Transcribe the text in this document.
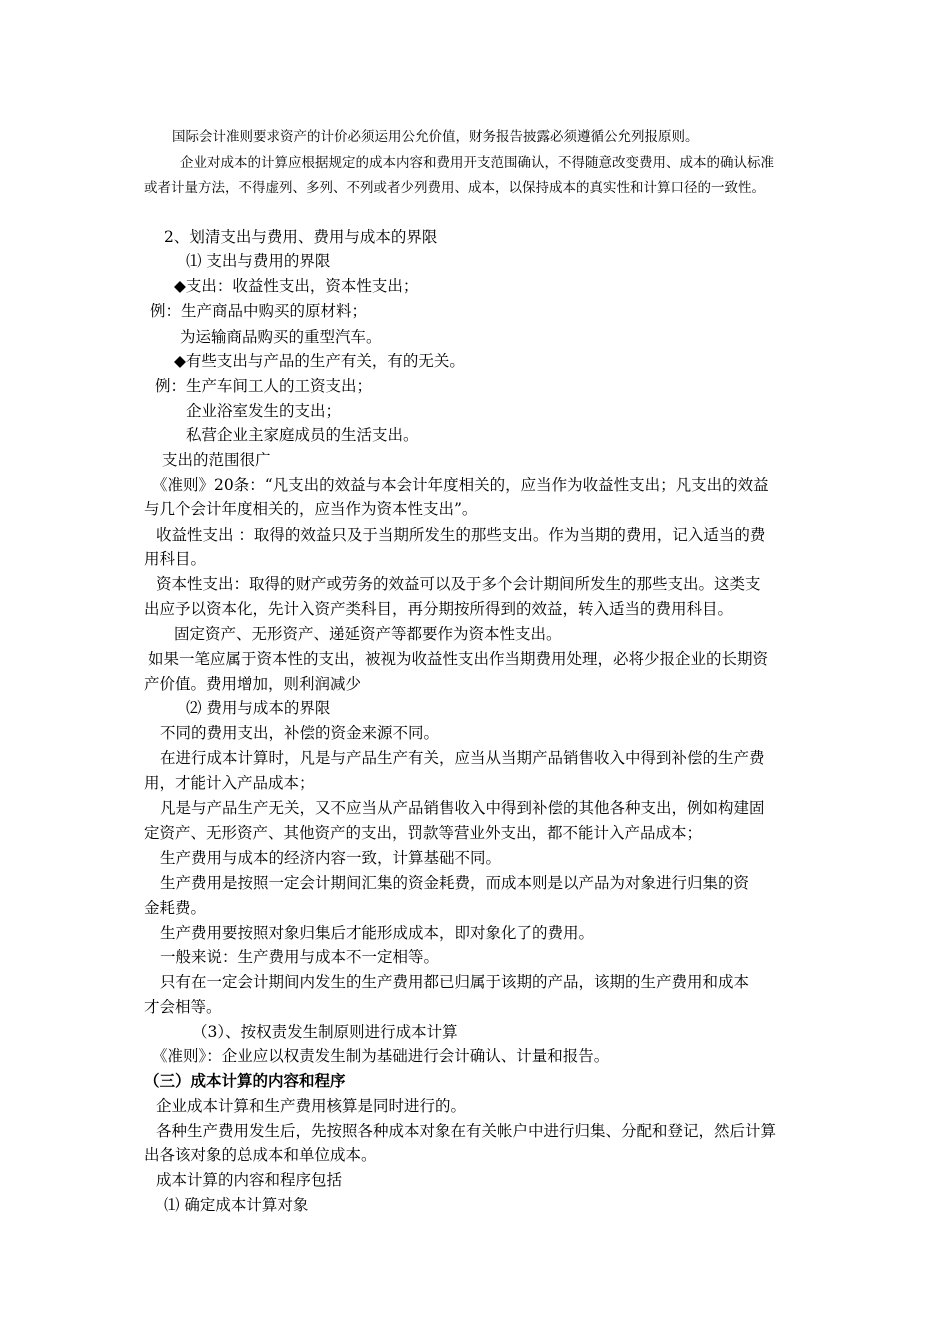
国际会计准则要求资产的计价必须运用公允价值，财务报告披露必须遵循公允列报原则。
企业对成本的计算应根据规定的成本内容和费用开支范围确认，不得随意改变费用、成本的确认标准
或者计量方法，不得虚列、多列、不列或者少列费用、成本，以保持成本的真实性和计算口径的一致性。
2、划清支出与费用、费用与成本的界限
⑴ 支出与费用的界限
◆支出：收益性支出，资本性支出；
例：生产商品中购买的原材料；
为运输商品购买的重型汽车。
◆有些支出与产品的生产有关，有的无关。
例：生产车间工人的工资支出；
企业浴室发生的支出；
私营企业主家庭成员的生活支出。
支出的范围很广
《准则》20条：“凡支出的效益与本会计年度相关的，应当作为收益性支出；凡支出的效益
与几个会计年度相关的，应当作为资本性支出”。
收益性支出 ：取得的效益只及于当期所发生的那些支出。作为当期的费用，记入适当的费
用科目。
资本性支出：取得的财产或劳务的效益可以及于多个会计期间所发生的那些支出。这类支
出应予以资本化，先计入资产类科目，再分期按所得到的效益，转入适当的费用科目。
固定资产、无形资产、递延资产等都要作为资本性支出。
如果一笔应属于资本性的支出，被视为收益性支出作当期费用处理，必将少报企业的长期资
产价值。费用增加，则利润减少
⑵ 费用与成本的界限
不同的费用支出，补偿的资金来源不同。
在进行成本计算时，凡是与产品生产有关，应当从当期产品销售收入中得到补偿的生产费
用，才能计入产品成本；
凡是与产品生产无关，又不应当从产品销售收入中得到补偿的其他各种支出，例如构建固
定资产、无形资产、其他资产的支出，罚款等营业外支出，都不能计入产品成本；
生产费用与成本的经济内容一致，计算基础不同。
生产费用是按照一定会计期间汇集的资金耗费，而成本则是以产品为对象进行归集的资
金耗费。
生产费用要按照对象归集后才能形成成本，即对象化了的费用。
一般来说：生产费用与成本不一定相等。
只有在一定会计期间内发生的生产费用都已归属于该期的产品，该期的生产费用和成本
才会相等。
（3）、按权责发生制原则进行成本计算
《准则》：企业应以权责发生制为基础进行会计确认、计量和报告。
（三）成本计算的内容和程序
企业成本计算和生产费用核算是同时进行的。
各种生产费用发生后，先按照各种成本对象在有关帐户中进行归集、分配和登记，然后计算
出各该对象的总成本和单位成本。
成本计算的内容和程序包括
⑴ 确定成本计算对象
